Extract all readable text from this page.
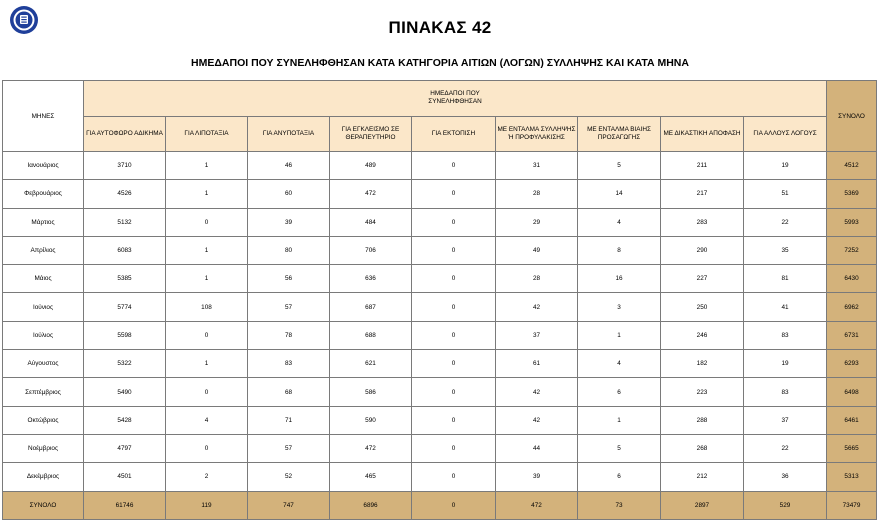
ΠΙΝΑΚΑΣ 42
ΗΜΕΔΑΠΟΙ ΠΟΥ ΣΥΝΕΛΗΦΘΗΣΑΝ ΚΑΤΑ ΚΑΤΗΓΟΡΙΑ ΑΙΤΙΩΝ (ΛΟΓΩΝ) ΣΥΛΛΗΨΗΣ ΚΑΙ ΚΑΤΑ ΜΗΝΑ
ΜΗΝΕΣ	ΗΜΕΔΑΠΟΙ ΠΟΥ ΣΥΝΕΛΗΦΘΗΣΑΝ									ΣΥΝΟΛΟ
	ΓΙΑ ΑΥΤΟΦΩΡΟ ΑΔΙΚΗΜΑ	ΓΙΑ ΛΙΠΟΤΑΞΙΑ	ΓΙΑ ΑΝΥΠΟΤΑΞΙΑ	ΓΙΑ ΕΓΚΛΕΙΣΜΟ ΣΕ ΘΕΡΑΠΕΥΤΗΡΙΟ	ΓΙΑ ΕΚΤΟΠΙΣΗ	ΜΕ ΕΝΤΑΛΜΑ ΣΥΛΛΗΨΗΣ Ή ΠΡΟΦΥΛΑΚΙΣΗΣ	ΜΕ ΕΝΤΑΛΜΑ ΒΙΑΙΗΣ ΠΡΟΣΑΓΩΓΗΣ	ΜΕ ΔΙΚΑΣΤΙΚΗ ΑΠΟΦΑΣΗ	ΓΙΑ ΑΛΛΟΥΣ ΛΟΓΟΥΣ	
Ιανουάριος	3710	1	46	489	0	31	5	211	19	4512
Φεβρουάριος	4526	1	60	472	0	28	14	217	51	5369
Μάρτιος	5132	0	39	484	0	29	4	283	22	5993
Απρίλιος	6083	1	80	706	0	49	8	290	35	7252
Μάιος	5385	1	56	636	0	28	16	227	81	6430
Ιούνιος	5774	108	57	687	0	42	3	250	41	6962
Ιούλιος	5598	0	78	688	0	37	1	246	83	6731
Αύγουστος	5322	1	83	621	0	61	4	182	19	6293
Σεπτέμβριος	5490	0	68	586	0	42	6	223	83	6498
Οκτώβριος	5428	4	71	590	0	42	1	288	37	6461
Νοέμβριος	4797	0	57	472	0	44	5	268	22	5665
Δεκέμβριος	4501	2	52	465	0	39	6	212	36	5313
ΣΥΝΟΛΟ	61746	119	747	6896	0	472	73	2897	529	73479
